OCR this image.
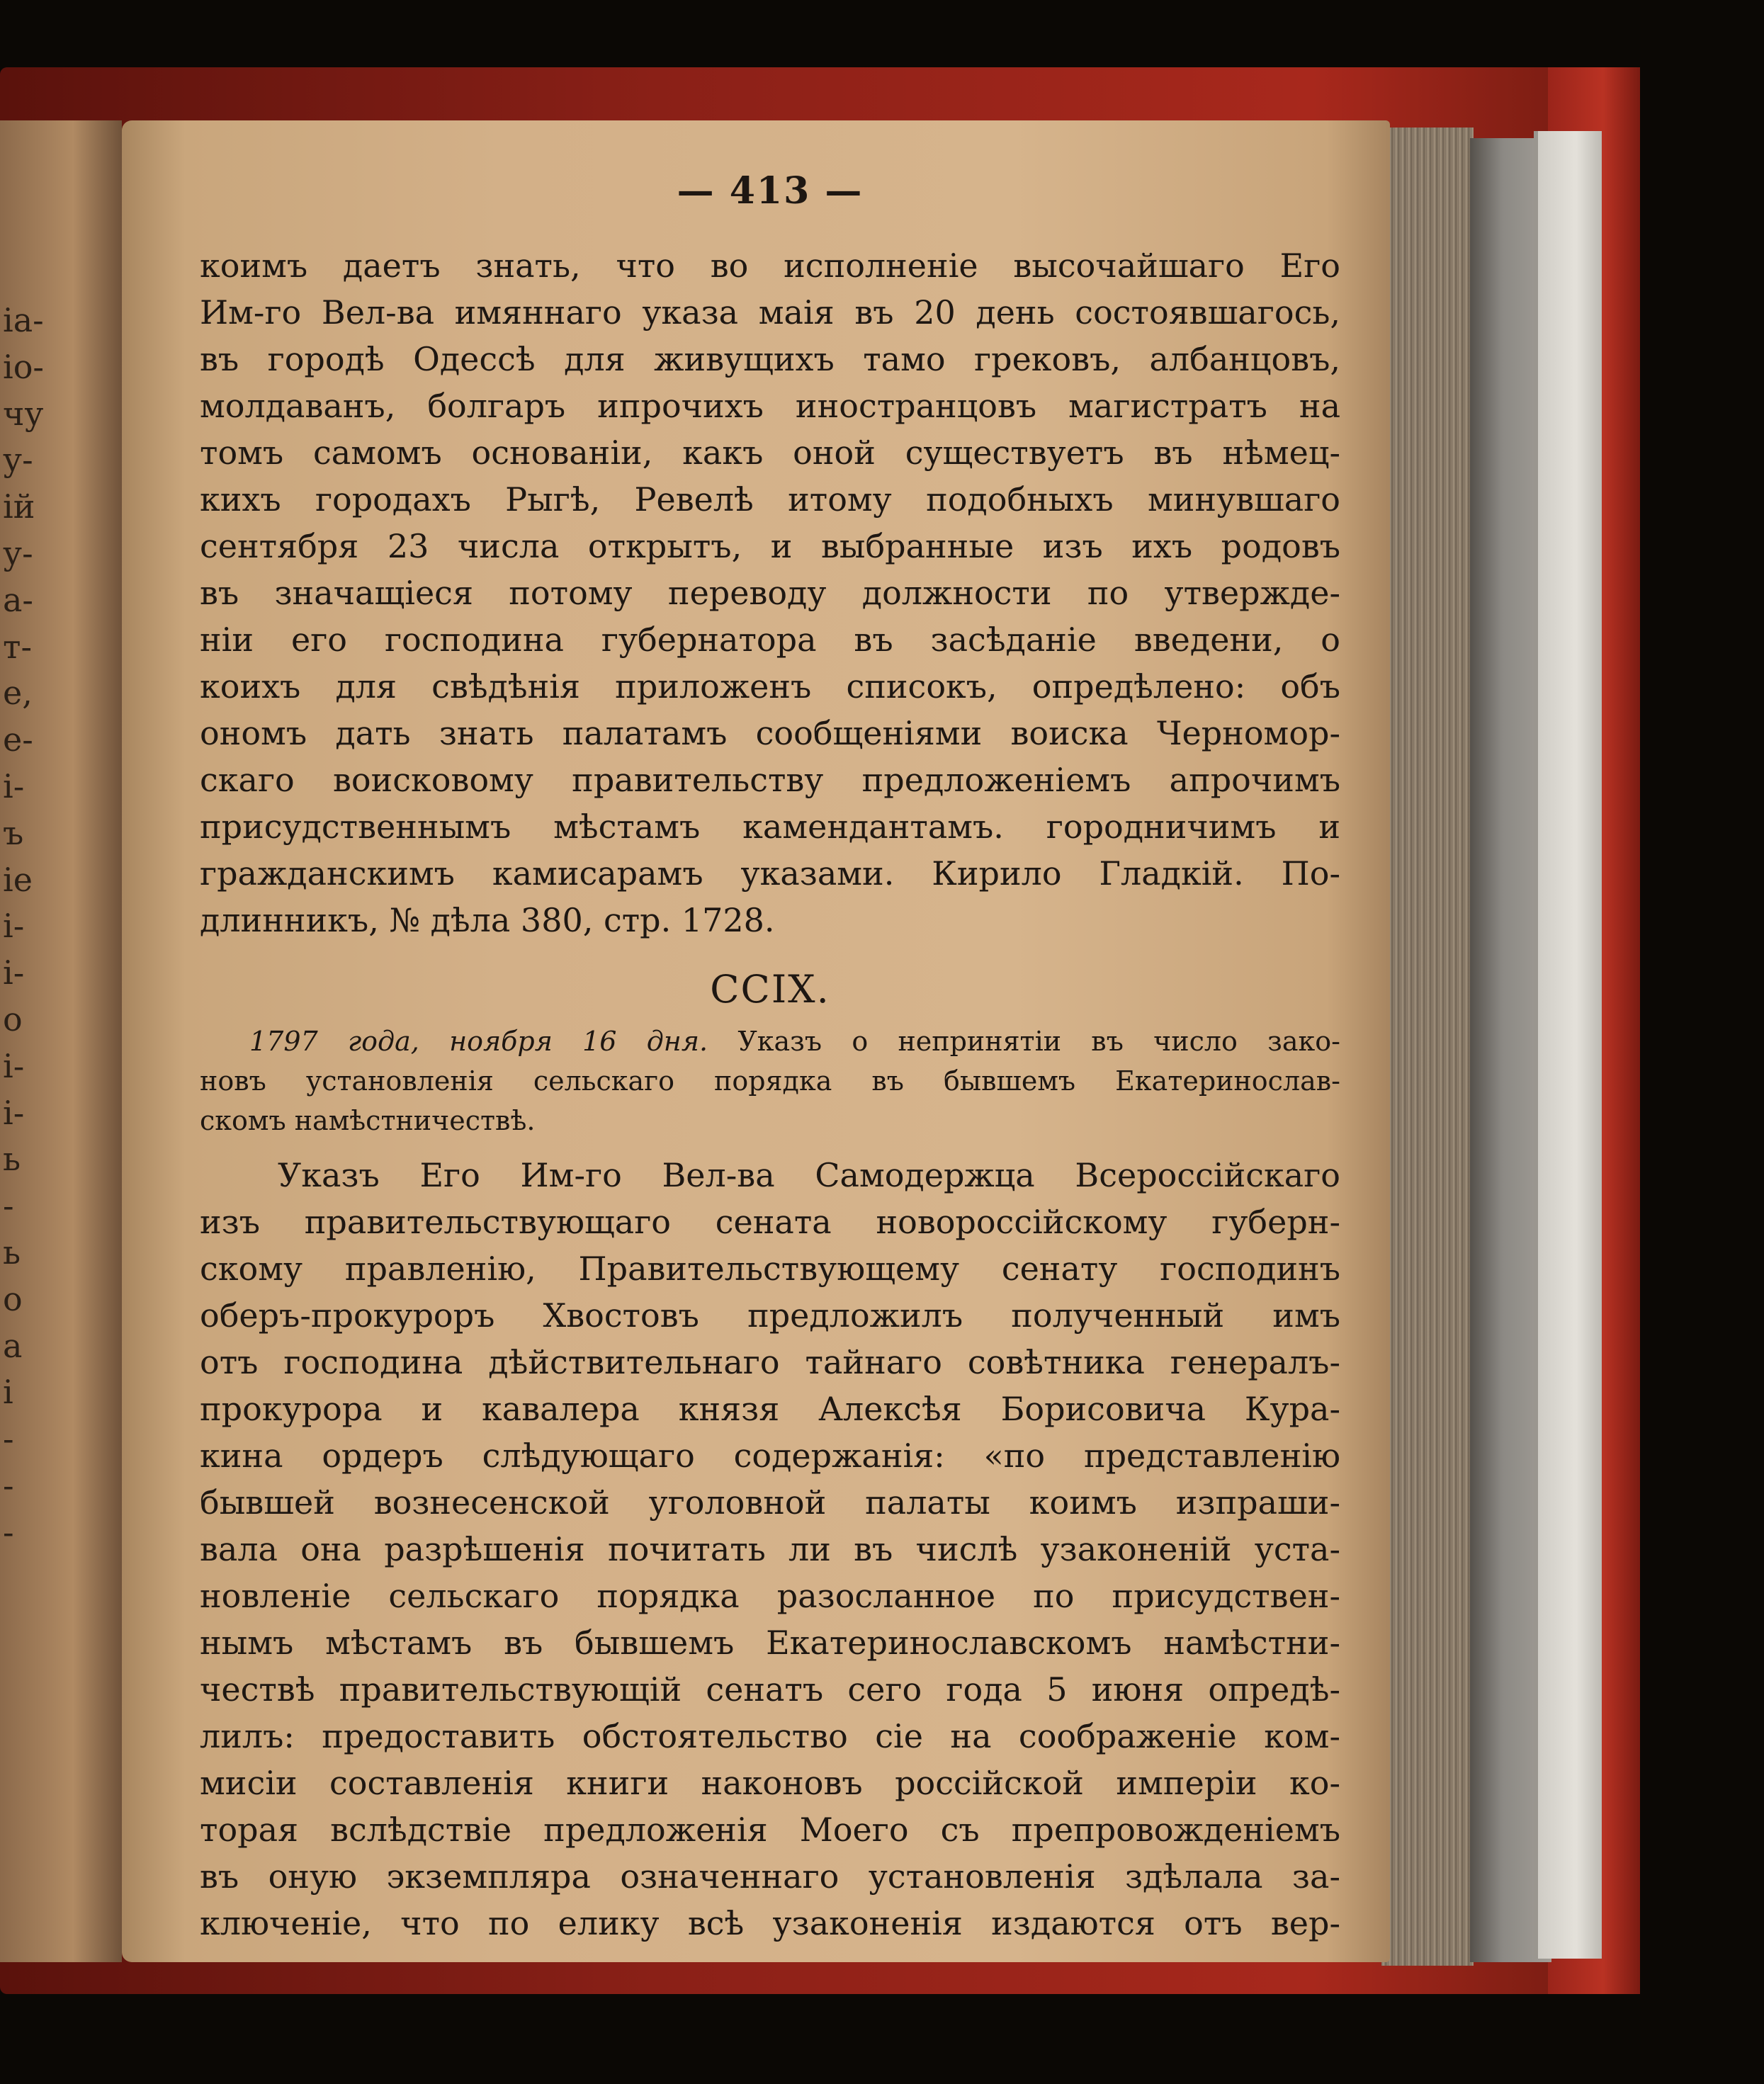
іа-
іо-
чу
у-
ій
у-
а-
т-
е,
е-
і-
ъ
іе
і-
і-
о
і-
і-
ь
-
ь
о
а
і
-
-
-
— 413 —
коимъ даетъ знать, что во исполненіе высочайшаго Его
Им-го Вел-ва имяннаго указа маія въ 20 день состоявшагось,
въ городѣ Одессѣ для живущихъ тамо грековъ, албанцовъ,
молдаванъ, болгаръ ипрочихъ иностранцовъ магистратъ на
томъ самомъ основаніи, какъ оной существуетъ въ нѣмец-
кихъ городахъ Рыгѣ, Ревелѣ итому подобныхъ минувшаго
сентября 23 числа открытъ, и выбранные изъ ихъ родовъ
въ значащіеся потому переводу должности по утвержде-
ніи его господина губернатора въ засѣданіе введени, о
коихъ для свѣдѣнія приложенъ списокъ, опредѣлено: объ
ономъ дать знать палатамъ сообщеніями воиска Черномор-
скаго воисковому правительству предложеніемъ апрочимъ
присудственнымъ мѣстамъ камендантамъ. городничимъ и
гражданскимъ камисарамъ указами. Кирило Гладкій. По-
длинникъ, № дѣла 380, стр. 1728.
CCIX.
1797 года, ноября 16 дня. Указъ о непринятіи въ число зако-
новъ установленія сельскаго порядка въ бывшемъ Екатеринослав-
скомъ намѣстничествѣ.
Указъ Его Им-го Вел-ва Самодержца Всероссійскаго
изъ правительствующаго сената новороссійскому губерн-
скому правленію, Правительствующему сенату господинъ
оберъ-прокуроръ Хвостовъ предложилъ полученный имъ
отъ господина дѣйствительнаго тайнаго совѣтника генералъ-
прокурора и кавалера князя Алексѣя Борисовича Кура-
кина ордеръ слѣдующаго содержанія: «по представленію
бывшей вознесенской уголовной палаты коимъ изпраши-
вала она разрѣшенія почитать ли въ числѣ узаконеній уста-
новленіе сельскаго порядка разосланное по присудствен-
нымъ мѣстамъ въ бывшемъ Екатеринославскомъ намѣстни-
чествѣ правительствующій сенатъ сего года 5 июня опредѣ-
лилъ: предоставить обстоятельство сіе на соображеніе ком-
мисіи составленія книги наконовъ россійской имперіи ко-
торая вслѣдствіе предложенія Моего съ препровожденіемъ
въ оную экземпляра означеннаго установленія здѣлала за-
ключеніе, что по елику всѣ узаконенія издаются отъ вер-
